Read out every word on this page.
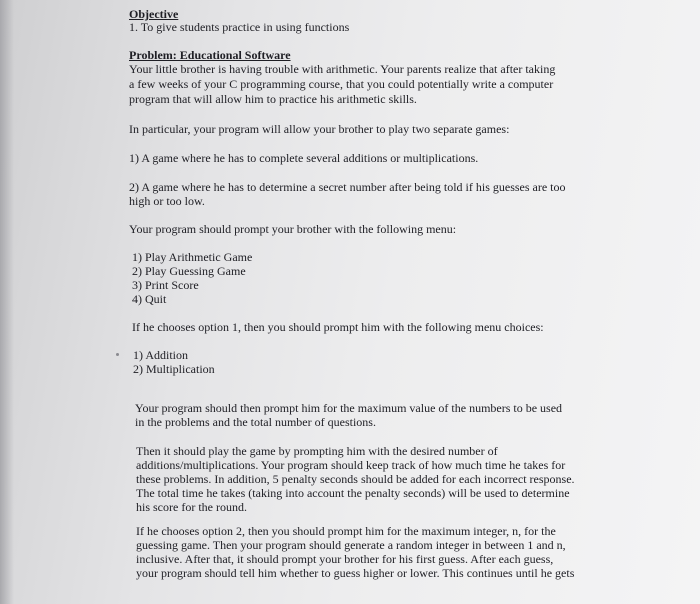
Objective
1. To give students practice in using functions
Problem: Educational Software
Your little brother is having trouble with arithmetic. Your parents realize that after taking
a few weeks of your C programming course, that you could potentially write a computer
program that will allow him to practice his arithmetic skills.
In particular, your program will allow your brother to play two separate games:
1) A game where he has to complete several additions or multiplications.
2) A game where he has to determine a secret number after being told if his guesses are too
high or too low.
Your program should prompt your brother with the following menu:
1) Play Arithmetic Game
2) Play Guessing Game
3) Print Score
4) Quit
If he chooses option 1, then you should prompt him with the following menu choices:
1) Addition
2) Multiplication
Your program should then prompt him for the maximum value of the numbers to be used
in the problems and the total number of questions.
Then it should play the game by prompting him with the desired number of
additions/multiplications. Your program should keep track of how much time he takes for
these problems. In addition, 5 penalty seconds should be added for each incorrect response.
The total time he takes (taking into account the penalty seconds) will be used to determine
his score for the round.
If he chooses option 2, then you should prompt him for the maximum integer, n, for the
guessing game. Then your program should generate a random integer in between 1 and n,
inclusive. After that, it should prompt your brother for his first guess. After each guess,
your program should tell him whether to guess higher or lower. This continues until he gets
